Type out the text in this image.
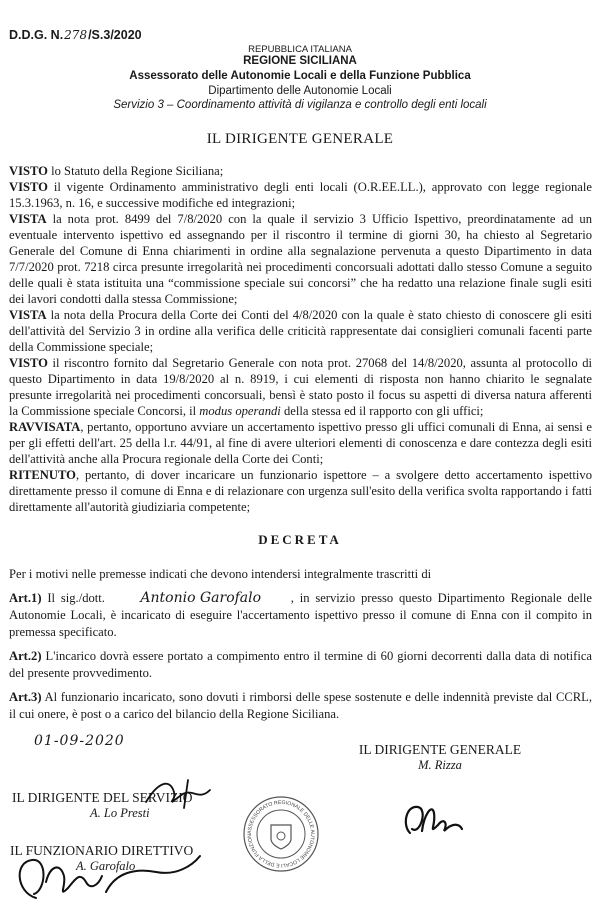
D.D.G. N.278/S.3/2020
REPUBBLICA ITALIANA
REGIONE SICILIANA
Assessorato delle Autonomie Locali e della Funzione Pubblica
Dipartimento delle Autonomie Locali
Servizio 3 – Coordinamento attività di vigilanza e controllo degli enti locali
IL DIRIGENTE GENERALE

VISTO lo Statuto della Regione Siciliana;

VISTO il vigente Ordinamento amministrativo degli enti locali (O.R.EE.LL.), approvato con legge regionale 15.3.1963, n. 16, e successive modifiche ed integrazioni;

VISTA la nota prot. 8499 del 7/8/2020 con la quale il servizio 3 Ufficio Ispettivo, preordinatamente ad un eventuale intervento ispettivo ed assegnando per il riscontro il termine di giorni 30, ha chiesto al Segretario Generale del Comune di Enna chiarimenti in ordine alla segnalazione pervenuta a questo Dipartimento in data 7/7/2020 prot. 7218 circa presunte irregolarità nei procedimenti concorsuali adottati dallo stesso Comune a seguito delle quali è stata istituita una “commissione speciale sui concorsi” che ha redatto una relazione finale sugli esiti dei lavori condotti dalla stessa Commissione;

VISTA la nota della Procura della Corte dei Conti del 4/8/2020 con la quale è stato chiesto di conoscere gli esiti dell'attività del Servizio 3 in ordine alla verifica delle criticità rappresentate dai consiglieri comunali facenti parte della Commissione speciale;

VISTO il riscontro fornito dal Segretario Generale con nota prot. 27068 del 14/8/2020, assunta al protocollo di questo Dipartimento in data 19/8/2020 al n. 8919, i cui elementi di risposta non hanno chiarito le segnalate presunte irregolarità nei procedimenti concorsuali, bensì è stato posto il focus su aspetti di diversa natura afferenti la Commissione speciale Concorsi, il modus operandi della stessa ed il rapporto con gli uffici;

RAVVISATA, pertanto, opportuno avviare un accertamento ispettivo presso gli uffici comunali di Enna, ai sensi e per gli effetti dell'art. 25 della l.r. 44/91, al fine di avere ulteriori elementi di conoscenza e dare contezza degli esiti dell'attività anche alla Procura regionale della Corte dei Conti;

RITENUTO, pertanto, di dover incaricare un funzionario ispettore – a svolgere detto accertamento ispettivo direttamente presso il comune di Enna e di relazionare con urgenza sull'esito della verifica svolta rapportando i fatti direttamente all'autorità giudiziaria competente;

DECRETA

Per i motivi nelle premesse indicati che devono intendersi integralmente trascritti di

Art.1) Il sig./dott. Antonio Garofalo , in servizio presso questo Dipartimento Regionale delle Autonomie Locali, è incaricato di eseguire l'accertamento ispettivo presso il comune di Enna con il compito in premessa specificato.

Art.2) L'incarico dovrà essere portato a compimento entro il termine di 60 giorni decorrenti dalla data di notifica del presente provvedimento.

Art.3) Al funzionario incaricato, sono dovuti i rimborsi delle spese sostenute e delle indennità previste dal CCRL, il cui onere, è post o a carico del bilancio della Regione Siciliana.

01-09-2020
IL DIRIGENTE GENERALE
M. Rizza
IL DIRIGENTE DEL SERVIZIO
A. Lo Presti
ASSESSORATO REGIONALE DELLE AUTONOMIE LOCALI E DELLA FUNZION
IL FUNZIONARIO DIRETTIVO
A. Garofalo
